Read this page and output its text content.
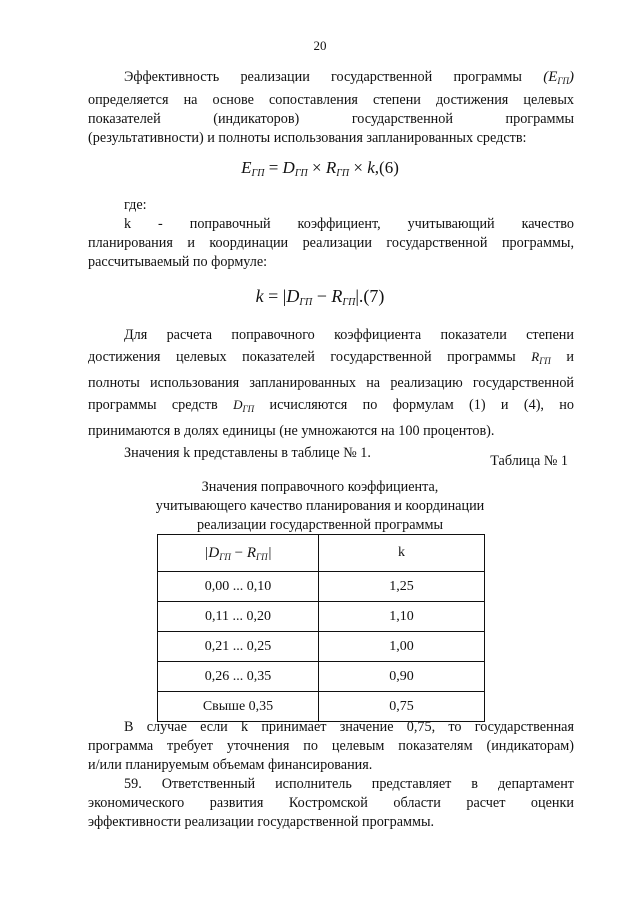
20
Эффективность реализации государственной программы $(E_{ГП})$
определяется на основе сопоставления степени достижения целевых
показателей (индикаторов) государственной программы
(результативности) и полноты использования запланированных средств:
$E_{ГП} = D_{ГП} \times R_{ГП} \times k,(6)$
где:
k - поправочный коэффициент, учитывающий качество
планирования и координации реализации государственной программы,
рассчитываемый по формуле:
$k = |D_{ГП} - R_{ГП}|.(7)$
Для расчета поправочного коэффициента показатели степени
достижения целевых показателей государственной программы $R_{ГП}$ и
полноты использования запланированных на реализацию государственной
программы средств $D_{ГП}$ исчисляются по формулам (1) и (4), но
принимаются в долях единицы (не умножаются на 100 процентов).
Значения k представлены в таблице № 1.	Таблица № 1
Значения поправочного коэффициента,
учитывающего качество планирования и координации
реализации государственной программы
$|D_{ГП} - R_{ГП}|$	k
0,00 ... 0,10	1,25
0,11 ... 0,20	1,10
0,21 ... 0,25	1,00
0,26 ... 0,35	0,90
Свыше 0,35	0,75
В случае если k принимает значение 0,75, то государственная
программа требует уточнения по целевым показателям (индикаторам)
и/или планируемым объемам финансирования.
59. Ответственный исполнитель представляет в департамент
экономического развития Костромской области расчет оценки
эффективности реализации государственной программы.
